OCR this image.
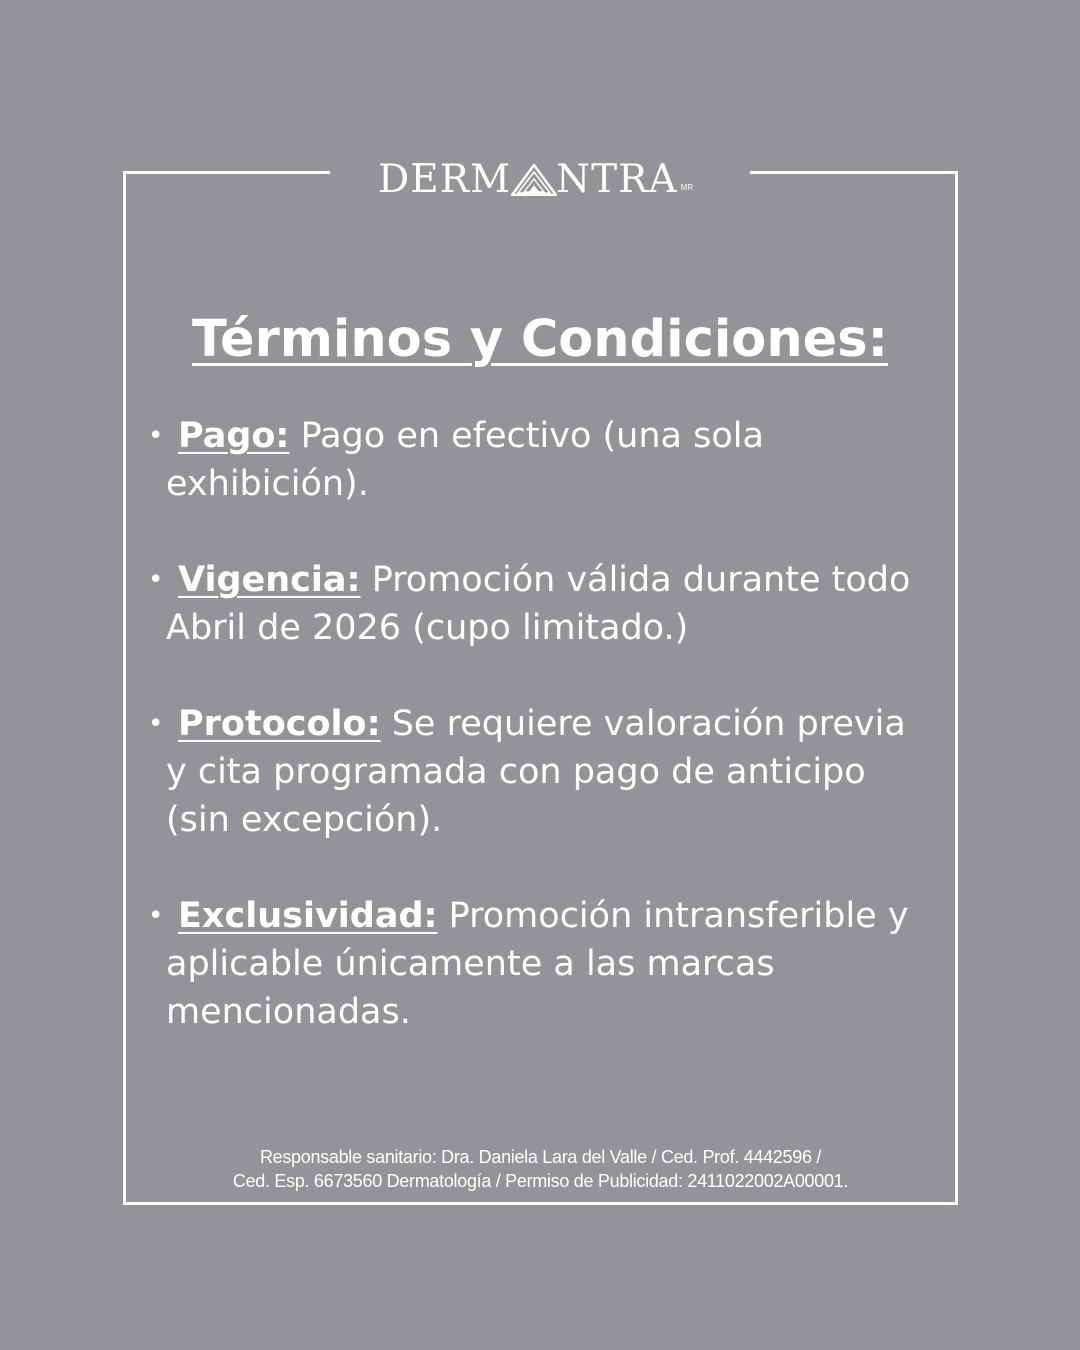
DERM NTRA MR
Términos y Condiciones:
• Pago: Pago en efectivo (una sola exhibición).
• Vigencia: Promoción válida durante todo Abril de 2026 (cupo limitado.)
• Protocolo: Se requiere valoración previa y cita programada con pago de anticipo (sin excepción).
• Exclusividad: Promoción intransferible y aplicable únicamente a las marcas mencionadas.
Responsable sanitario: Dra. Daniela Lara del Valle / Ced. Prof. 4442596 /
Ced. Esp. 6673560 Dermatología / Permiso de Publicidad: 2411022002A00001.
